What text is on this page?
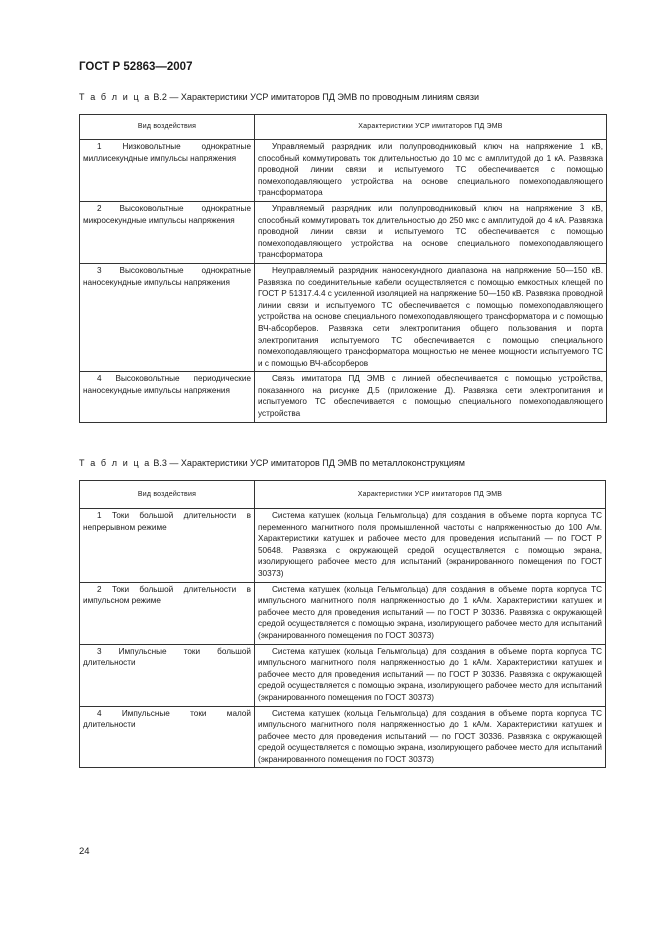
ГОСТ Р 52863—2007
Т а б л и ц а В.2 — Характеристики УСР имитаторов ПД ЭМВ по проводным линиям связи
Вид воздействия	Характеристики УСР имитаторов ПД ЭМВ
1 Низковольтные однократные миллисекундные импульсы напряжения	Управляемый разрядник или полупроводниковый ключ на напряжение 1 кВ, способный коммутировать ток длительностью до 10 мс с амплитудой до 1 кА. Развязка проводной линии связи и испытуемого ТС обеспечивается с помощью помехоподавляющего устройства на основе специального помехоподавляющего трансформатора
2 Высоковольтные однократные микросекундные импульсы напряжения	Управляемый разрядник или полупроводниковый ключ на напряжение 3 кВ, способный коммутировать ток длительностью до 250 мкс с амплитудой до 4 кА. Развязка проводной линии связи и испытуемого ТС обеспечивается с помощью помехоподавляющего устройства на основе специального помехоподавляющего трансформатора
3 Высоковольтные однократные наносекундные импульсы напряжения	Неуправляемый разрядник наносекундного диапазона на напряжение 50—150 кВ. Развязка по соединительные кабели осуществляется с помощью емкостных клещей по ГОСТ Р 51317.4.4 с усиленной изоляцией на напряжение 50—150 кВ. Развязка проводной линии связи и испытуемого ТС обеспечивается с помощью помехоподавляющего устройства на основе специального помехоподавляющего трансформатора и с помощью ВЧ-абсорберов. Развязка сети электропитания общего пользования и порта электропитания испытуемого ТС обеспечивается с помощью специального помехоподавляющего трансформатора мощностью не менее мощности испытуемого ТС и с помощью ВЧ-абсорберов
4 Высоковольтные периодические наносекундные импульсы напряжения	Связь имитатора ПД ЭМВ с линией обеспечивается с помощью устройства, показанного на рисунке Д.5 (приложение Д). Развязка сети электропитания и испытуемого ТС обеспечивается с помощью специального помехоподавляющего устройства
Т а б л и ц а В.3 — Характеристики УСР имитаторов ПД ЭМВ по металлоконструкциям
Вид воздействия	Характеристики УСР имитаторов ПД ЭМВ
1 Токи большой длительности в непрерывном режиме	Система катушек (кольца Гельмгольца) для создания в объеме порта корпуса ТС переменного магнитного поля промышленной частоты с напряженностью до 100 А/м. Характеристики катушек и рабочее место для проведения испытаний — по ГОСТ Р 50648. Развязка с окружающей средой осуществляется с помощью экрана, изолирующего рабочее место для испытаний (экранированного помещения по ГОСТ 30373)
2 Токи большой длительности в импульсном режиме	Система катушек (кольца Гельмгольца) для создания в объеме порта корпуса ТС импульсного магнитного поля напряженностью до 1 кА/м. Характеристики катушек и рабочее место для проведения испытаний — по ГОСТ Р 30336. Развязка с окружающей средой осуществляется с помощью экрана, изолирующего рабочее место для испытаний (экранированного помещения по ГОСТ 30373)
3 Импульсные токи большой длительности	Система катушек (кольца Гельмгольца) для создания в объеме порта корпуса ТС импульсного магнитного поля напряженностью до 1 кА/м. Характеристики катушек и рабочее место для проведения испытаний — по ГОСТ Р 30336. Развязка с окружающей средой осуществляется с помощью экрана, изолирующего рабочее место для испытаний (экранированного помещения по ГОСТ 30373)
4 Импульсные токи малой длительности	Система катушек (кольца Гельмгольца) для создания в объеме порта корпуса ТС импульсного магнитного поля напряженностью до 1 кА/м. Характеристики катушек и рабочее место для проведения испытаний — по ГОСТ 30336. Развязка с окружающей средой осуществляется с помощью экрана, изолирующего рабочее место для испытаний (экранированного помещения по ГОСТ 30373)
24
